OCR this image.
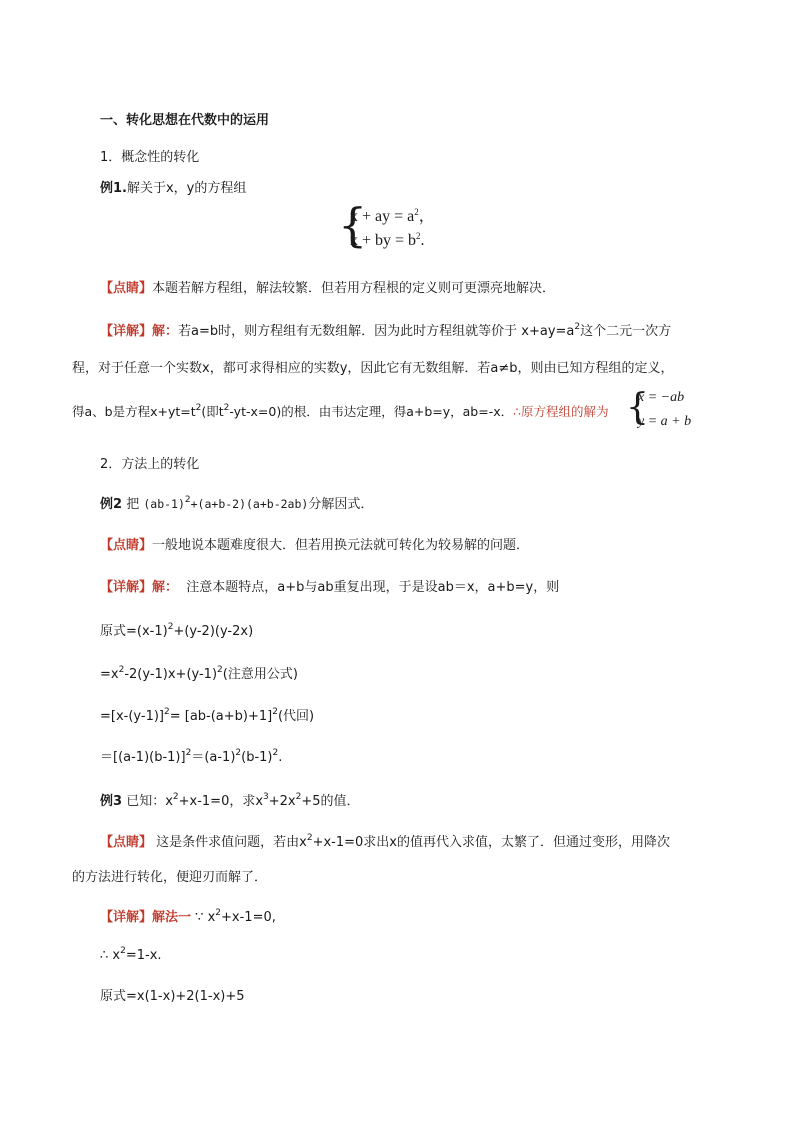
一、转化思想在代数中的运用
1．概念性的转化
例1.解关于x，y的方程组
{
x + ay = $a^2$，
x + by = $b^2$.
【点睛】本题若解方程组，解法较繁．但若用方程根的定义则可更漂亮地解决．
【详解】解：若a=b时，则方程组有无数组解．因为此时方程组就等价于 $x+ay=a^2$这个二元一次方
程，对于任意一个实数x，都可求得相应的实数y，因此它有无数组解．若a≠b，则由已知方程组的定义，
得a、b是方程$x+yt=t^2$(即$t^2-yt-x=0$)的根．由韦达定理，得a+b=y，ab=-x．∴原方程组的解为 {
x = −ab
y = a + b
2．方法上的转化
例2 把 $(ab-1)^2+(a+b-2)(a+b-2ab)$分解因式．
【点睛】一般地说本题难度很大．但若用换元法就可转化为较易解的问题．
【详解】解： 注意本题特点，a+b与ab重复出现，于是设ab＝x，a+b=y，则
原式$=(x-1)^2+(y-2)(y-2x)$
$=x^2-2(y-1)x+(y-1)^2$(注意用公式)
$=[x-(y-1)]^2= [ab-(a+b)+1]^2$(代回)
$=[(a-1)(b-1)]^2=(a-1)^2(b-1)^2$.
例3 已知：$x^2+x-1=0$，求$x^3+2x^2+5$的值．
【点睛】 这是条件求值问题，若由$x^2+x-1=0$求出x的值再代入求值，太繁了．但通过变形，用降次
的方法进行转化，便迎刃而解了．
【详解】解法一 ∵ $x^2+x-1=0$,
∴ $x^2=1-x$.
原式=x(1-x)+2(1-x)+5
